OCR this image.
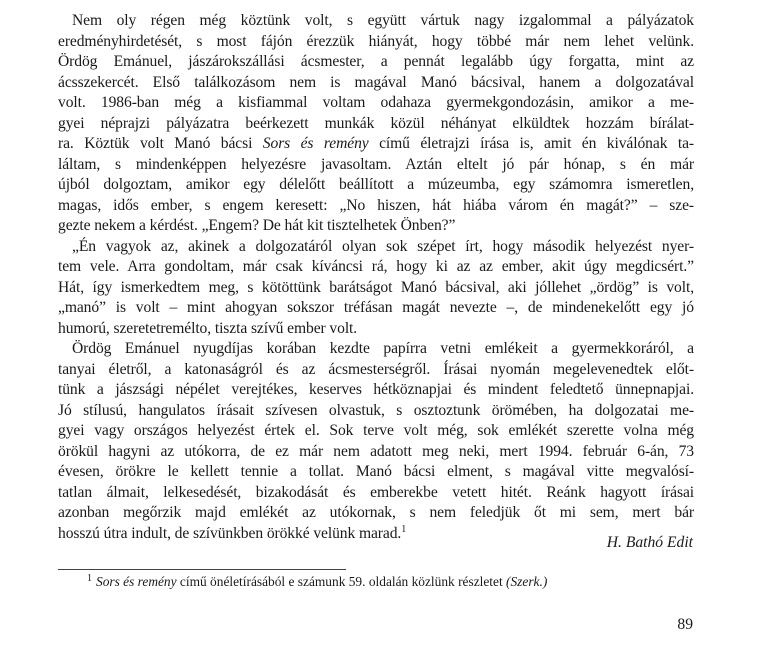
Nem oly régen még köztünk volt, s együtt vártuk nagy izgalommal a pályázatok
eredményhirdetését, s most fájón érezzük hiányát, hogy többé már nem lehet velünk.
Ördög Emánuel, jászárokszállási ácsmester, a pennát legalább úgy forgatta, mint az
ácsszekercét. Első találkozásom nem is magával Manó bácsival, hanem a dolgozatával
volt. 1986-ban még a kisfiammal voltam odahaza gyermekgondozásin, amikor a me-
gyei néprajzi pályázatra beérkezett munkák közül néhányat elküldtek hozzám bírálat-
ra. Köztük volt Manó bácsi Sors és remény című életrajzi írása is, amit én kiválónak ta-
láltam, s mindenképpen helyezésre javasoltam. Aztán eltelt jó pár hónap, s én már
újból dolgoztam, amikor egy délelőtt beállított a múzeumba, egy számomra ismeretlen,
magas, idős ember, s engem keresett: „No hiszen, hát hiába várom én magát?” – sze-
gezte nekem a kérdést. „Engem? De hát kit tisztelhetek Önben?”
„Én vagyok az, akinek a dolgozatáról olyan sok szépet írt, hogy második helyezést nyer-
tem vele. Arra gondoltam, már csak kíváncsi rá, hogy ki az az ember, akit úgy megdicsért.”
Hát, így ismerkedtem meg, s kötöttünk barátságot Manó bácsival, aki jóllehet „ördög” is volt,
„manó” is volt – mint ahogyan sokszor tréfásan magát nevezte –, de mindenekelőtt egy jó
humorú, szeretetremélto, tiszta szívű ember volt.
Ördög Emánuel nyugdíjas korában kezdte papírra vetni emlékeit a gyermekkoráról, a
tanyai életről, a katonaságról és az ácsmesterségről. Írásai nyomán megelevenedtek előt-
tünk a jászsági népélet verejtékes, keserves hétköznapjai és mindent feledtető ünnepnapjai.
Jó stílusú, hangulatos írásait szívesen olvastuk, s osztoztunk örömében, ha dolgozatai me-
gyei vagy országos helyezést értek el. Sok terve volt még, sok emlékét szerette volna még
örökül hagyni az utókorra, de ez már nem adatott meg neki, mert 1994. február 6-án, 73
évesen, örökre le kellett tennie a tollat. Manó bácsi elment, s magával vitte megvalósí-
tatlan álmait, lelkesedését, bizakodását és emberekbe vetett hitét. Reánk hagyott írásai
azonban megőrzik majd emlékét az utókornak, s nem feledjük őt mi sem, mert bár
hosszú útra indult, de szívünkben örökké velünk marad.$^1$
H. Bathó Edit
$^1$ Sors és remény című önéletírásából e számunk 59. oldalán közlünk részletet (Szerk.)
89
